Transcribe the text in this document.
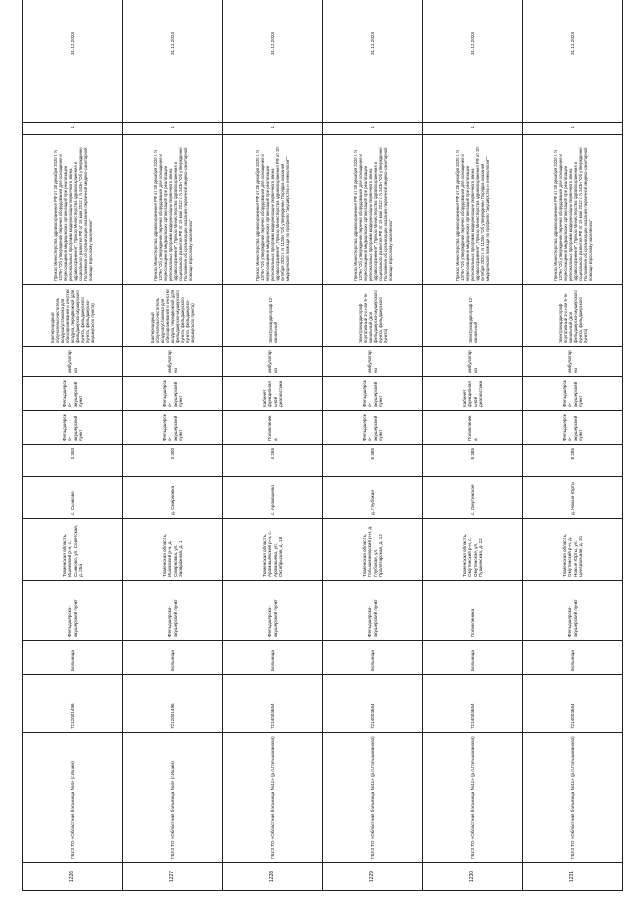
1226	ГБУЗ ТО «Областная больница №4» (г.Ишим)	7212001496	Больница	Фельдшерско-акушерский пункт	Тюменская область, Ишимский р-н, с. Сынково, ул. Советская, д. 25а	с. Сынково	3 300	Фельдшерско-акушерский пункт	Фельдшерско-акушерский пункт	амбулаторно	Бактерицидный облучатель/очиститель воздуха/установка для обеззараживания и очистки воздуха, передвижной (для фельдшерско-акушерского пункта, фельдшерского пункта, фельдшерско-акушерского пункта)	Приказ Министерства здравоохранения РФ от 28 декабря 2020 г. N 1379н "Об утверждении перечня оборудования для оснащения и переоснащения медицинских организаций при реализации региональных программ модернизации первичного звена здравоохранения", Приказ Министерства здравоохранения и социального развития РФ от 15 мая 2012 г. N 543н "Об утверждении Положения об организации оказания первичной медико-санитарной помощи взрослому населению"	1	31.12.2023
1227	ГБУЗ ТО «Областная больница №4» (г.Ишим)	7212001496	Больница	Фельдшерско-акушерский пункт	Тюменская область, Ишимский р-н, д. Смирновка, ул. Заовражная, д. 1	д. Смирновка	3 300	Фельдшерско-акушерский пункт	Фельдшерско-акушерский пункт	амбулаторно	Бактерицидный облучатель/очиститель воздуха/установка для обеззараживания и очистки воздуха, передвижной (для фельдшерско-акушерского пункта, фельдшерского пункта, фельдшерско-акушерского пункта)	Приказ Министерства здравоохранения РФ от 28 декабря 2020 г. N 1379н "Об утверждении перечня оборудования для оснащения и переоснащения медицинских организаций при реализации региональных программ модернизации первичного звена здравоохранения", Приказ Министерства здравоохранения и социального развития РФ от 15 мая 2012 г. N 543н "Об утверждении Положения об организации оказания первичной медико-санитарной помощи взрослому населению"	1	31.12.2024
1228	ГБУЗ ТО «Областная больница №11» (р.п.Голышманово)	7214004654	Больница	Фельдшерско-акушерский пункт	Тюменская область, Аромашевский р-н, с. Аромашево, ул. Октябрьская, д. 18	с. Аромашево	4 265	Поликлиника	Кабинет функциональной диагностики	амбулаторно	Электрокардиограф 12-канальный	Приказ Министерства здравоохранения РФ от 28 декабря 2020 г. N 1379н "Об утверждении перечня оборудования для оснащения и переоснащения медицинских организаций при реализации региональных программ модернизации первичного звена здравоохранения", Приказ Министерства здравоохранения РФ от 20 октября 2020 г. N 1128н "Об утверждении Порядка оказания медицинской помощи по профилю "акушерство и гинекология""	1	31.12.2023
1229	ГБУЗ ТО «Областная больница №11» (р.п.Голышманово)	7214004654	Больница	Фельдшерско-акушерский пункт	Тюменская область, Голышмановский р-н, д. Глубокая, ул. Пролетарская, д. 12	д. Глубокая	6 385	Фельдшерско-акушерский пункт	Фельдшерско-акушерский пункт	амбулаторно	Электрокардиограф портативный 3-х или 6-ти канальный (для фельдшерско-акушерского пункта, фельдшерского пункта)	Приказ Министерства здравоохранения РФ от 28 декабря 2020 г. N 1379н "Об утверждении перечня оборудования для оснащения и переоснащения медицинских организаций при реализации региональных программ модернизации первичного звена здравоохранения", Приказ Министерства здравоохранения и социального развития РФ от 15 мая 2012 г. N 543н "Об утверждении Положения об организации оказания первичной медико-санитарной помощи взрослому населению"	1	31.12.2023
1230	ГБУЗ ТО «Областная больница №11» (р.п.Голышманово)	7214004654	Больница	Поликлиника	Тюменская область, Омутинский р-н, с. Омутинское, ул. Пушкинская, д. 22	с. Омутинское	8 385	Поликлиника	Кабинет функциональной диагностики	амбулаторно	Электрокардиограф 12-канальный	Приказ Министерства здравоохранения РФ от 28 декабря 2020 г. N 1379н "Об утверждении перечня оборудования для оснащения и переоснащения медицинских организаций при реализации региональных программ модернизации первичного звена здравоохранения", Приказ Министерства здравоохранения РФ от 20 октября 2020 г. N 1128н "Об утверждении Порядка оказания медицинской помощи по профилю "акушерство и гинекология""	1	31.12.2023
1231	ГБУЗ ТО «Областная больница №11» (р.п.Голышманово)	7214004654	Больница	Фельдшерско-акушерский пункт	Тюменская область, Омутинский р-н, д. Новые Юрты, ул. Центральная, д. 31	д. Новые Юрты	8 285	Фельдшерско-акушерский пункт	Фельдшерско-акушерский пункт	амбулаторно	Электрокардиограф портативный 3-х или 6-ти канальный (для фельдшерско-акушерского пункта, фельдшерского пункта)	Приказ Министерства здравоохранения РФ от 28 декабря 2020 г. N 1379н "Об утверждении перечня оборудования для оснащения и переоснащения медицинских организаций при реализации региональных программ модернизации первичного звена здравоохранения", Приказ Министерства здравоохранения и социального развития РФ от 15 мая 2012 г. N 543н "Об утверждении Положения об организации оказания первичной медико-санитарной помощи взрослому населению"	1	31.12.2023
